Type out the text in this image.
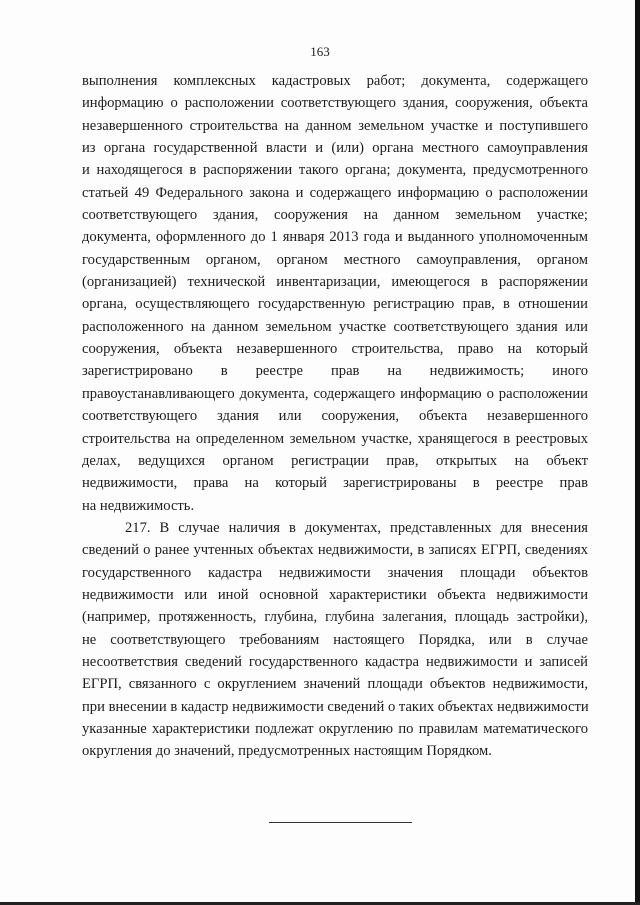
163
выполнения комплексных кадастровых работ; документа, содержащего
информацию о расположении соответствующего здания, сооружения, объекта
незавершенного строительства на данном земельном участке и поступившего
из органа государственной власти и (или) органа местного самоуправления
и находящегося в распоряжении такого органа; документа, предусмотренного
статьей 49 Федерального закона и содержащего информацию о расположении
соответствующего здания, сооружения на данном земельном участке;
документа, оформленного до 1 января 2013 года и выданного уполномоченным
государственным органом, органом местного самоуправления, органом
(организацией) технической инвентаризации, имеющегося в распоряжении
органа, осуществляющего государственную регистрацию прав, в отношении
расположенного на данном земельном участке соответствующего здания или
сооружения, объекта незавершенного строительства, право на который
зарегистрировано в реестре прав на недвижимость; иного
правоустанавливающего документа, содержащего информацию о расположении
соответствующего здания или сооружения, объекта незавершенного
строительства на определенном земельном участке, хранящегося в реестровых
делах, ведущихся органом регистрации прав, открытых на объект
недвижимости, права на который зарегистрированы в реестре прав
на недвижимость.
217. В случае наличия в документах, представленных для внесения
сведений о ранее учтенных объектах недвижимости, в записях ЕГРП, сведениях
государственного кадастра недвижимости значения площади объектов
недвижимости или иной основной характеристики объекта недвижимости
(например, протяженность, глубина, глубина залегания, площадь застройки),
не соответствующего требованиям настоящего Порядка, или в случае
несоответствия сведений государственного кадастра недвижимости и записей
ЕГРП, связанного с округлением значений площади объектов недвижимости,
при внесении в кадастр недвижимости сведений о таких объектах недвижимости
указанные характеристики подлежат округлению по правилам математического
округления до значений, предусмотренных настоящим Порядком.
